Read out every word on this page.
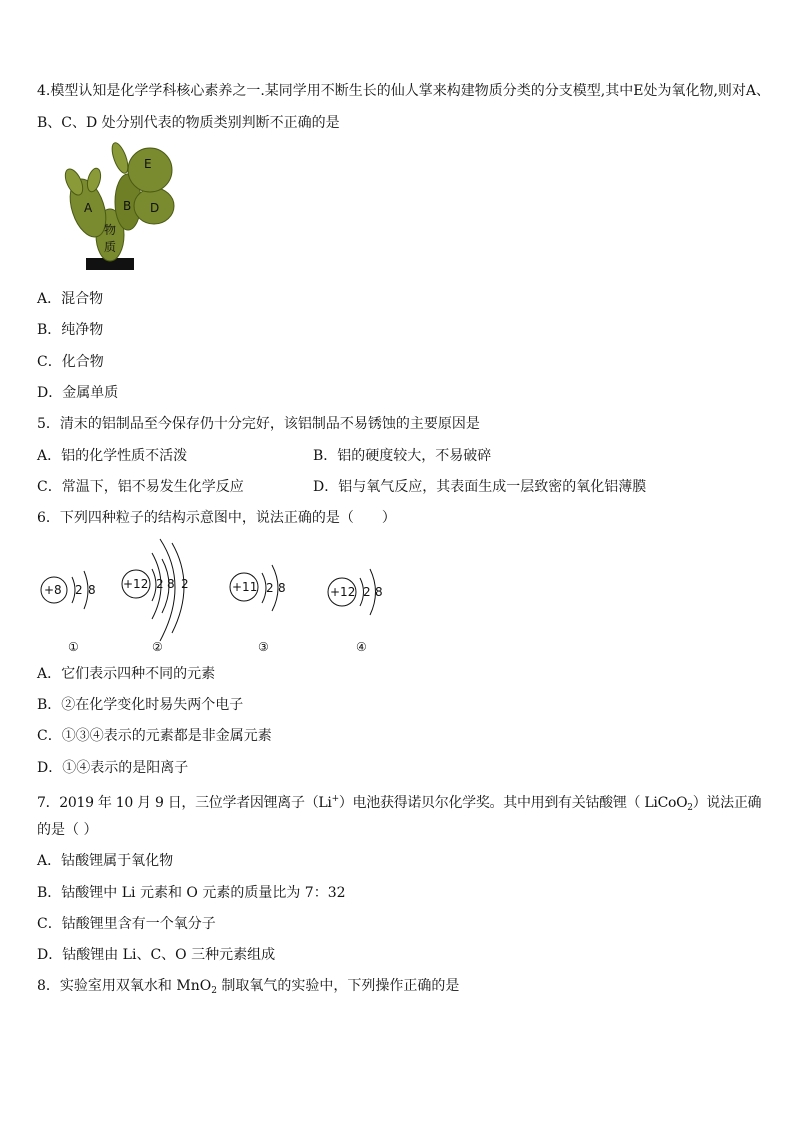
4.模型认知是化学学科核心素养之一.某同学用不断生长的仙人掌来构建物质分类的分支模型,其中E处为氧化物,则对A、
B、C、D 处分别代表的物质类别判断不正确的是
A	B D
E
物
质
A．混合物
B．纯净物
C．化合物
D．金属单质
5．清末的铝制品至今保存仍十分完好，该铝制品不易锈蚀的主要原因是
A．铝的化学性质不活泼	B．铝的硬度较大，不易破碎
C．常温下，铝不易发生化学反应	D．铝与氧气反应，其表面生成一层致密的氧化铝薄膜
6．下列四种粒子的结构示意图中，说法正确的是（　　）
+8 2 8
①
+12 2 8 2
②
+11 2 8
③
+12 2 8
④
A．它们表示四种不同的元素
B．②在化学变化时易失两个电子
C．①③④表示的元素都是非金属元素
D．①④表示的是阳离子
7．2019 年 10 月 9 日，三位学者因锂离子（Li+）电池获得诺贝尔化学奖。其中用到有关钴酸锂（ LiCoO$_2$）说法正确
的是（ ）
A．钴酸锂属于氧化物
B．钴酸锂中 Li 元素和 O 元素的质量比为 7：32
C．钴酸锂里含有一个氧分子
D．钴酸锂由 Li、C、O 三种元素组成
8．实验室用双氧水和 MnO$_2$ 制取氧气的实验中，下列操作正确的是
